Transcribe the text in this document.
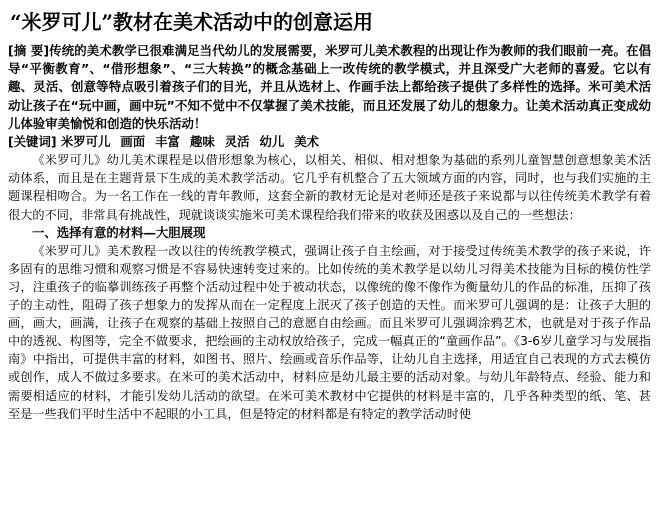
“米罗可儿”教材在美术活动中的创意运用

[摘 要]传统的美术教学已很难满足当代幼儿的发展需要，米罗可儿美术教程的出现让作为教师的我们眼前一亮。在倡导“平衡教育”、“借形想象”、“三大转换”的概念基础上一改传统的教学模式，并且深受广大老师的喜爱。它以有趣、灵活、创意等特点吸引着孩子们的目光，并且从选材上、作画手法上都给孩子提供了多样性的选择。米可美术活动让孩子在“玩中画，画中玩”不知不觉中不仅掌握了美术技能，而且还发展了幼儿的想象力。让美术活动真正变成幼儿体验审美愉悦和创造的快乐活动！

[关键词] 米罗可儿 画面 丰富 趣味 灵活 幼儿 美术

《米罗可儿》幼儿美术课程是以借形想象为核心，以相关、相似、相对想象为基础的系列儿童智慧创意想象美术活动体系，而且是在主题背景下生成的美术教学活动。它几乎有机整合了五大领域方面的内容，同时，也与我们实施的主题课程相吻合。为一名工作在一线的青年教师，这套全新的教材无论是对老师还是孩子来说都与以往传统美术教学有着很大的不同，非常具有挑战性，现就谈谈实施米可美术课程给我们带来的收获及困惑以及自己的一些想法：

一、选择有意的材料—大胆展现

《米罗可儿》美术教程一改以往的传统教学模式，强调让孩子自主绘画，对于接受过传统美术教学的孩子来说，许多固有的思维习惯和观察习惯是不容易快速转变过来的。比如传统的美术教学是以幼儿习得美术技能为目标的模仿性学习，注重孩子的临摹训练孩子再整个活动过程中处于被动状态，以像统的像不像作为衡量幼儿的作品的标准，压抑了孩子的主动性，阻碍了孩子想象力的发挥从而在一定程度上泯灭了孩子创造的天性。而米罗可儿强调的是：让孩子大胆的画，画大，画满，让孩子在观察的基础上按照自己的意愿自由绘画。而且米罗可儿强调涂鸦艺术，也就是对于孩子作品中的透视、构图等，完全不做要求，把绘画的主动权放给孩子，完成一幅真正的“童画作品”。《3-6岁儿童学习与发展指南》中指出，可提供丰富的材料，如图书、照片、绘画或音乐作品等，让幼儿自主选择，用适宜自己表现的方式去模仿或创作，成人不做过多要求。在米可的美术活动中，材料应是幼儿最主要的活动对象。与幼儿年龄特点、经验、能力和需要相适应的材料，才能引发幼儿活动的欲望。在米可美术教材中它提供的材料是丰富的，几乎各种类型的纸、笔、甚至是一些我们平时生活中不起眼的小工具，但是特定的材料都是有特定的教学活动时使
